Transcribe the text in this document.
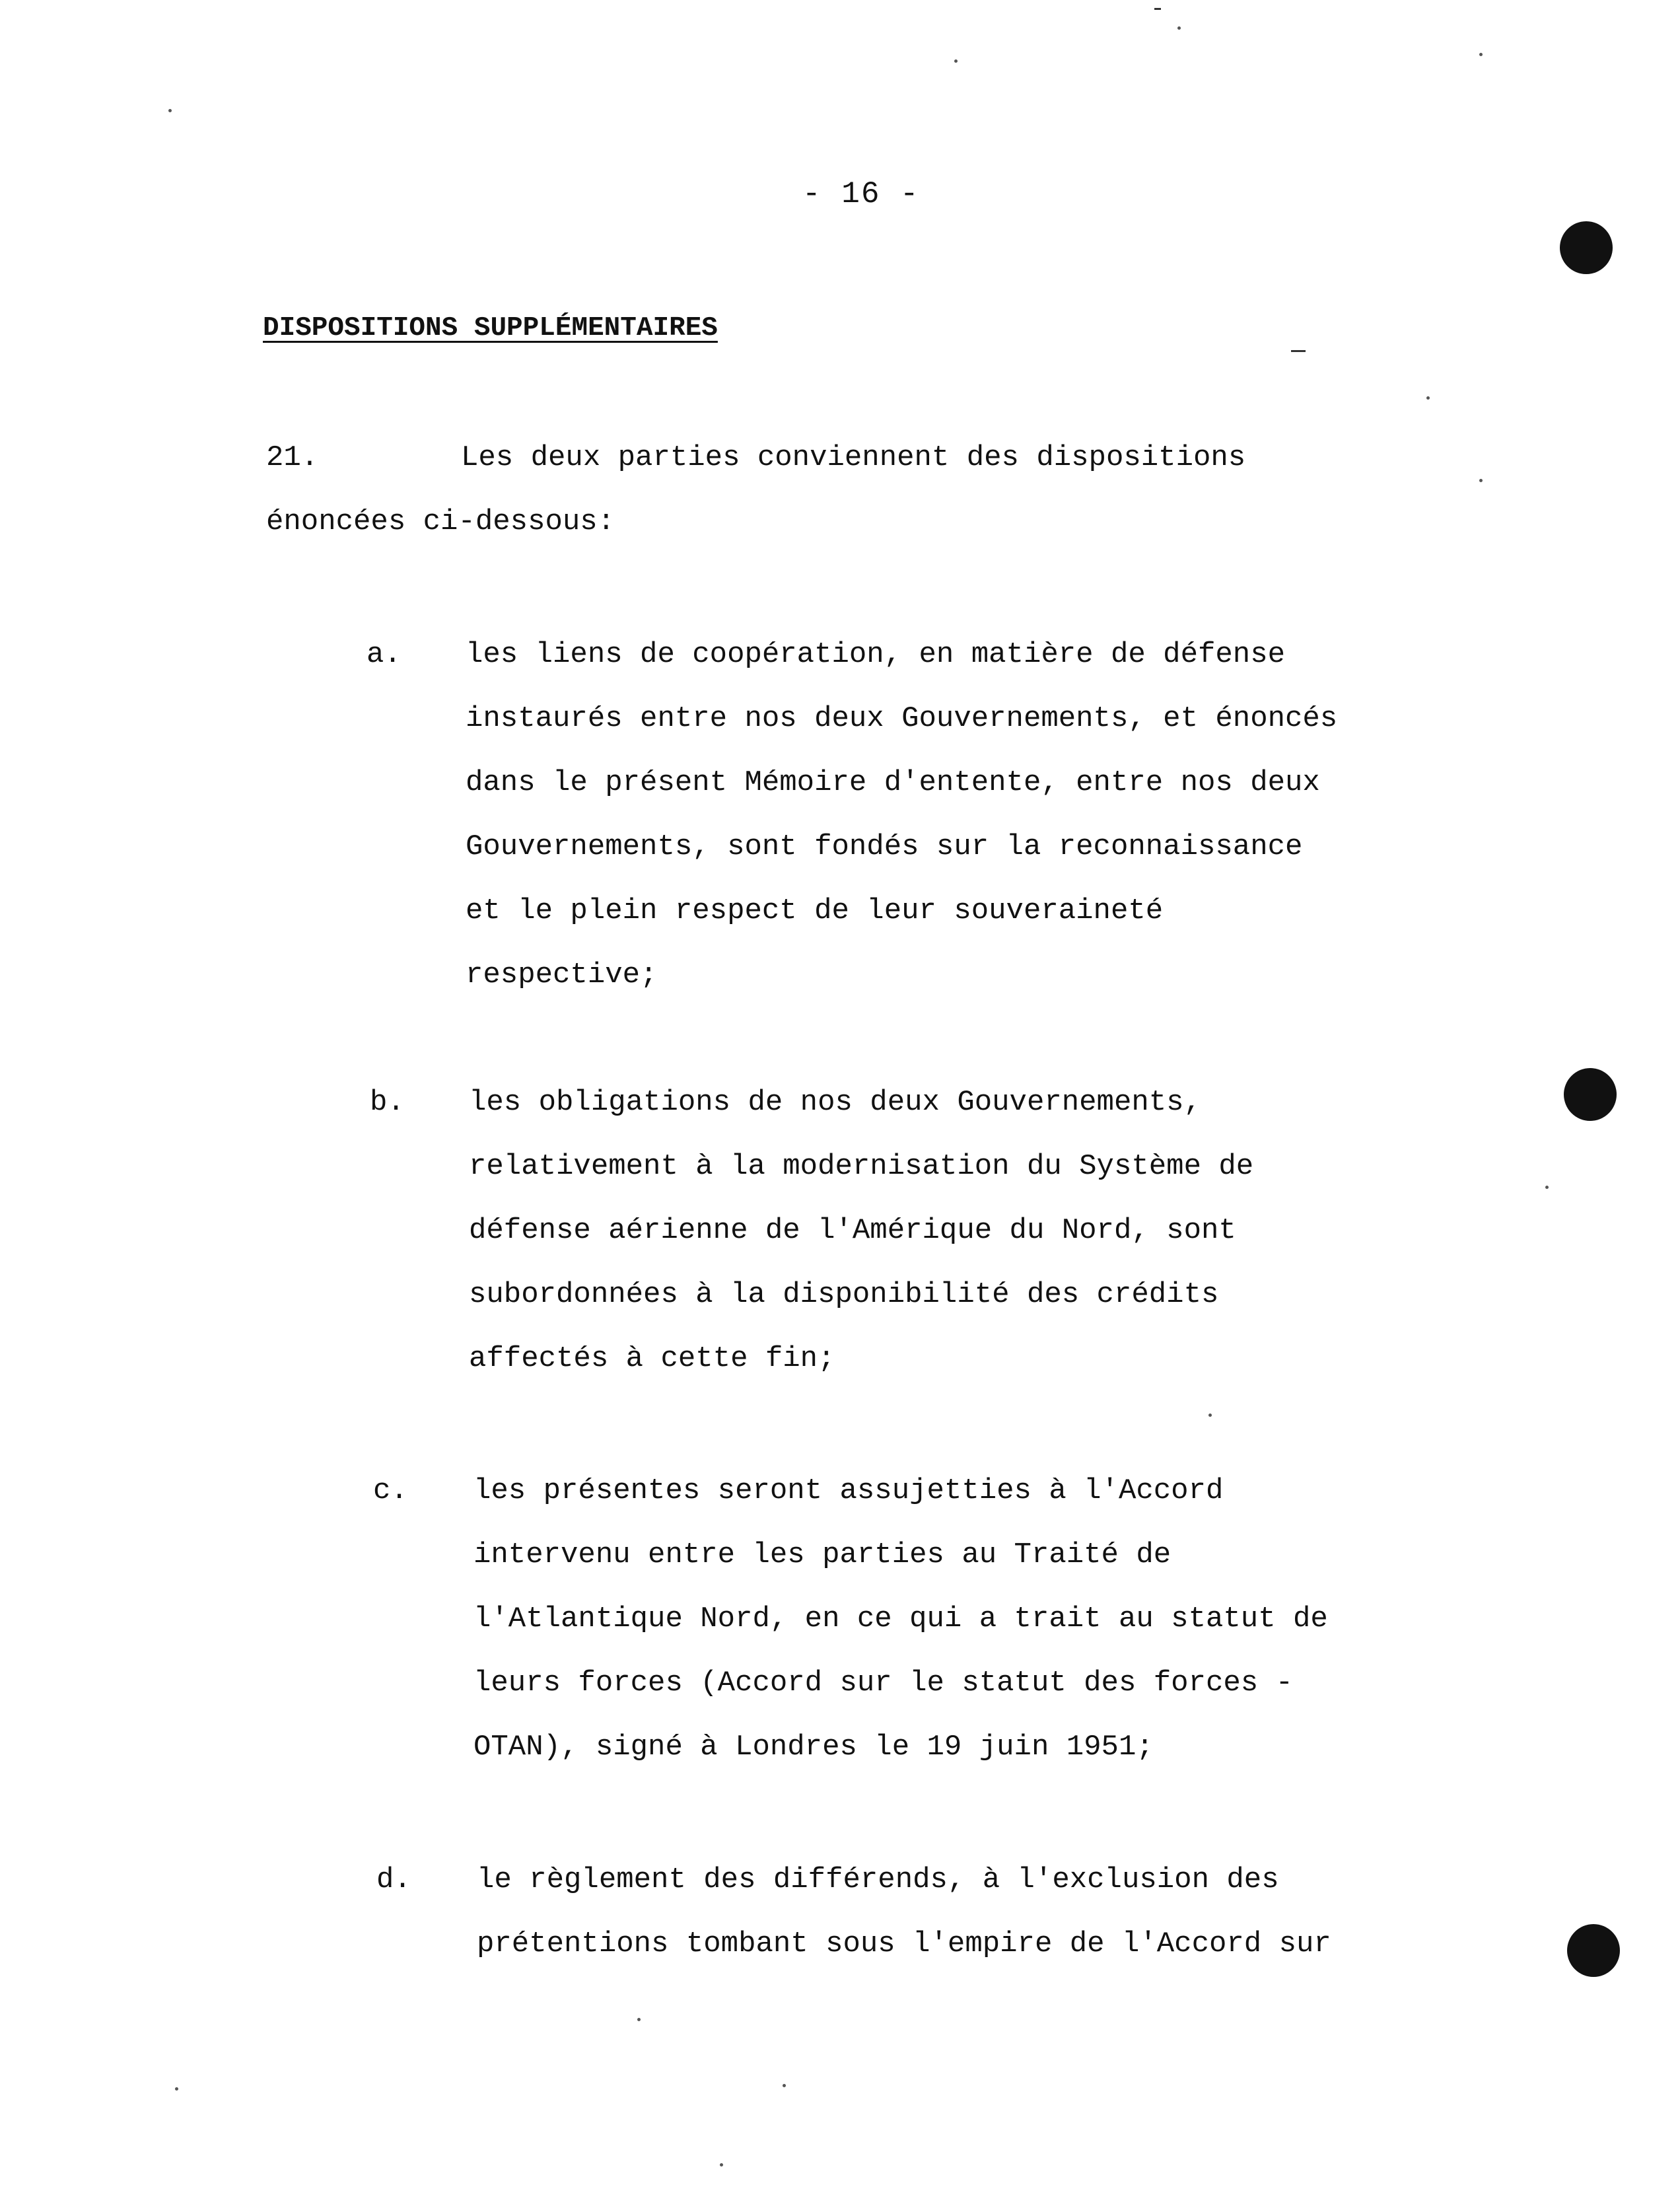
- 16 -
DISPOSITIONS SUPPLÉMENTAIRES
21.	Les deux parties conviennent des dispositions
énoncées ci-dessous:
a. les liens de coopération, en matière de défense
instaurés entre nos deux Gouvernements, et énoncés
dans le présent Mémoire d'entente, entre nos deux
Gouvernements, sont fondés sur la reconnaissance
et le plein respect de leur souveraineté
respective;
b. les obligations de nos deux Gouvernements,
relativement à la modernisation du Système de
défense aérienne de l'Amérique du Nord, sont
subordonnées à la disponibilité des crédits
affectés à cette fin;
c. les présentes seront assujetties à l'Accord
intervenu entre les parties au Traité de
l'Atlantique Nord, en ce qui a trait au statut de
leurs forces (Accord sur le statut des forces -
OTAN), signé à Londres le 19 juin 1951;
d. le règlement des différends, à l'exclusion des
prétentions tombant sous l'empire de l'Accord sur
